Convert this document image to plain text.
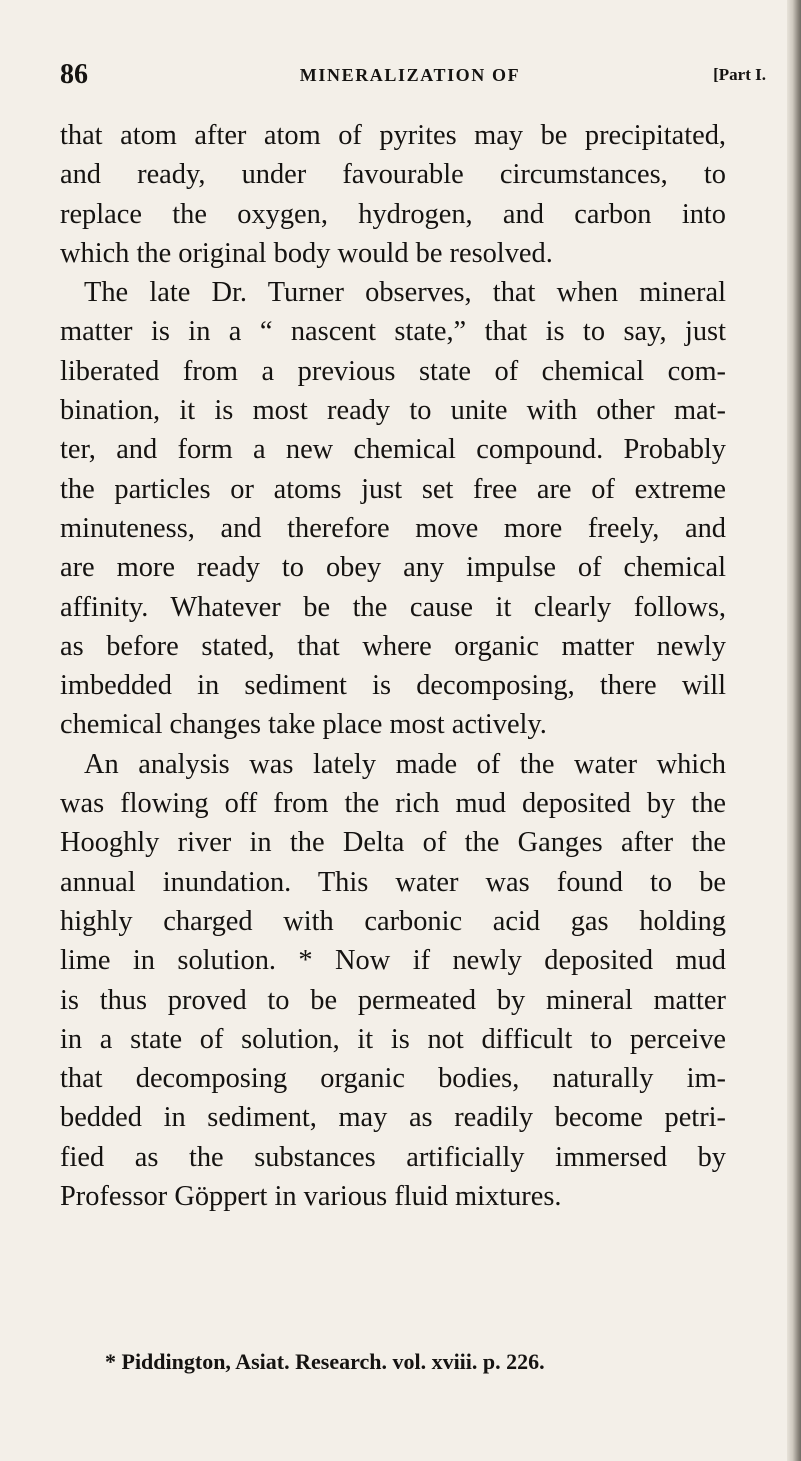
86	MINERALIZATION OF	[Part I.
that atom after atom of pyrites may be precipitated,
and ready, under favourable circumstances, to
replace the oxygen, hydrogen, and carbon into
which the original body would be resolved.
The late Dr. Turner observes, that when mineral
matter is in a “ nascent state,” that is to say, just
liberated from a previous state of chemical com-
bination, it is most ready to unite with other mat-
ter, and form a new chemical compound. Probably
the particles or atoms just set free are of extreme
minuteness, and therefore move more freely, and
are more ready to obey any impulse of chemical
affinity. Whatever be the cause it clearly follows,
as before stated, that where organic matter newly
imbedded in sediment is decomposing, there will
chemical changes take place most actively.
An analysis was lately made of the water which
was flowing off from the rich mud deposited by the
Hooghly river in the Delta of the Ganges after the
annual inundation. This water was found to be
highly charged with carbonic acid gas holding
lime in solution. * Now if newly deposited mud
is thus proved to be permeated by mineral matter
in a state of solution, it is not difficult to perceive
that decomposing organic bodies, naturally im-
bedded in sediment, may as readily become petri-
fied as the substances artificially immersed by
Professor Göppert in various fluid mixtures.
* Piddington, Asiat. Research. vol. xviii. p. 226.
